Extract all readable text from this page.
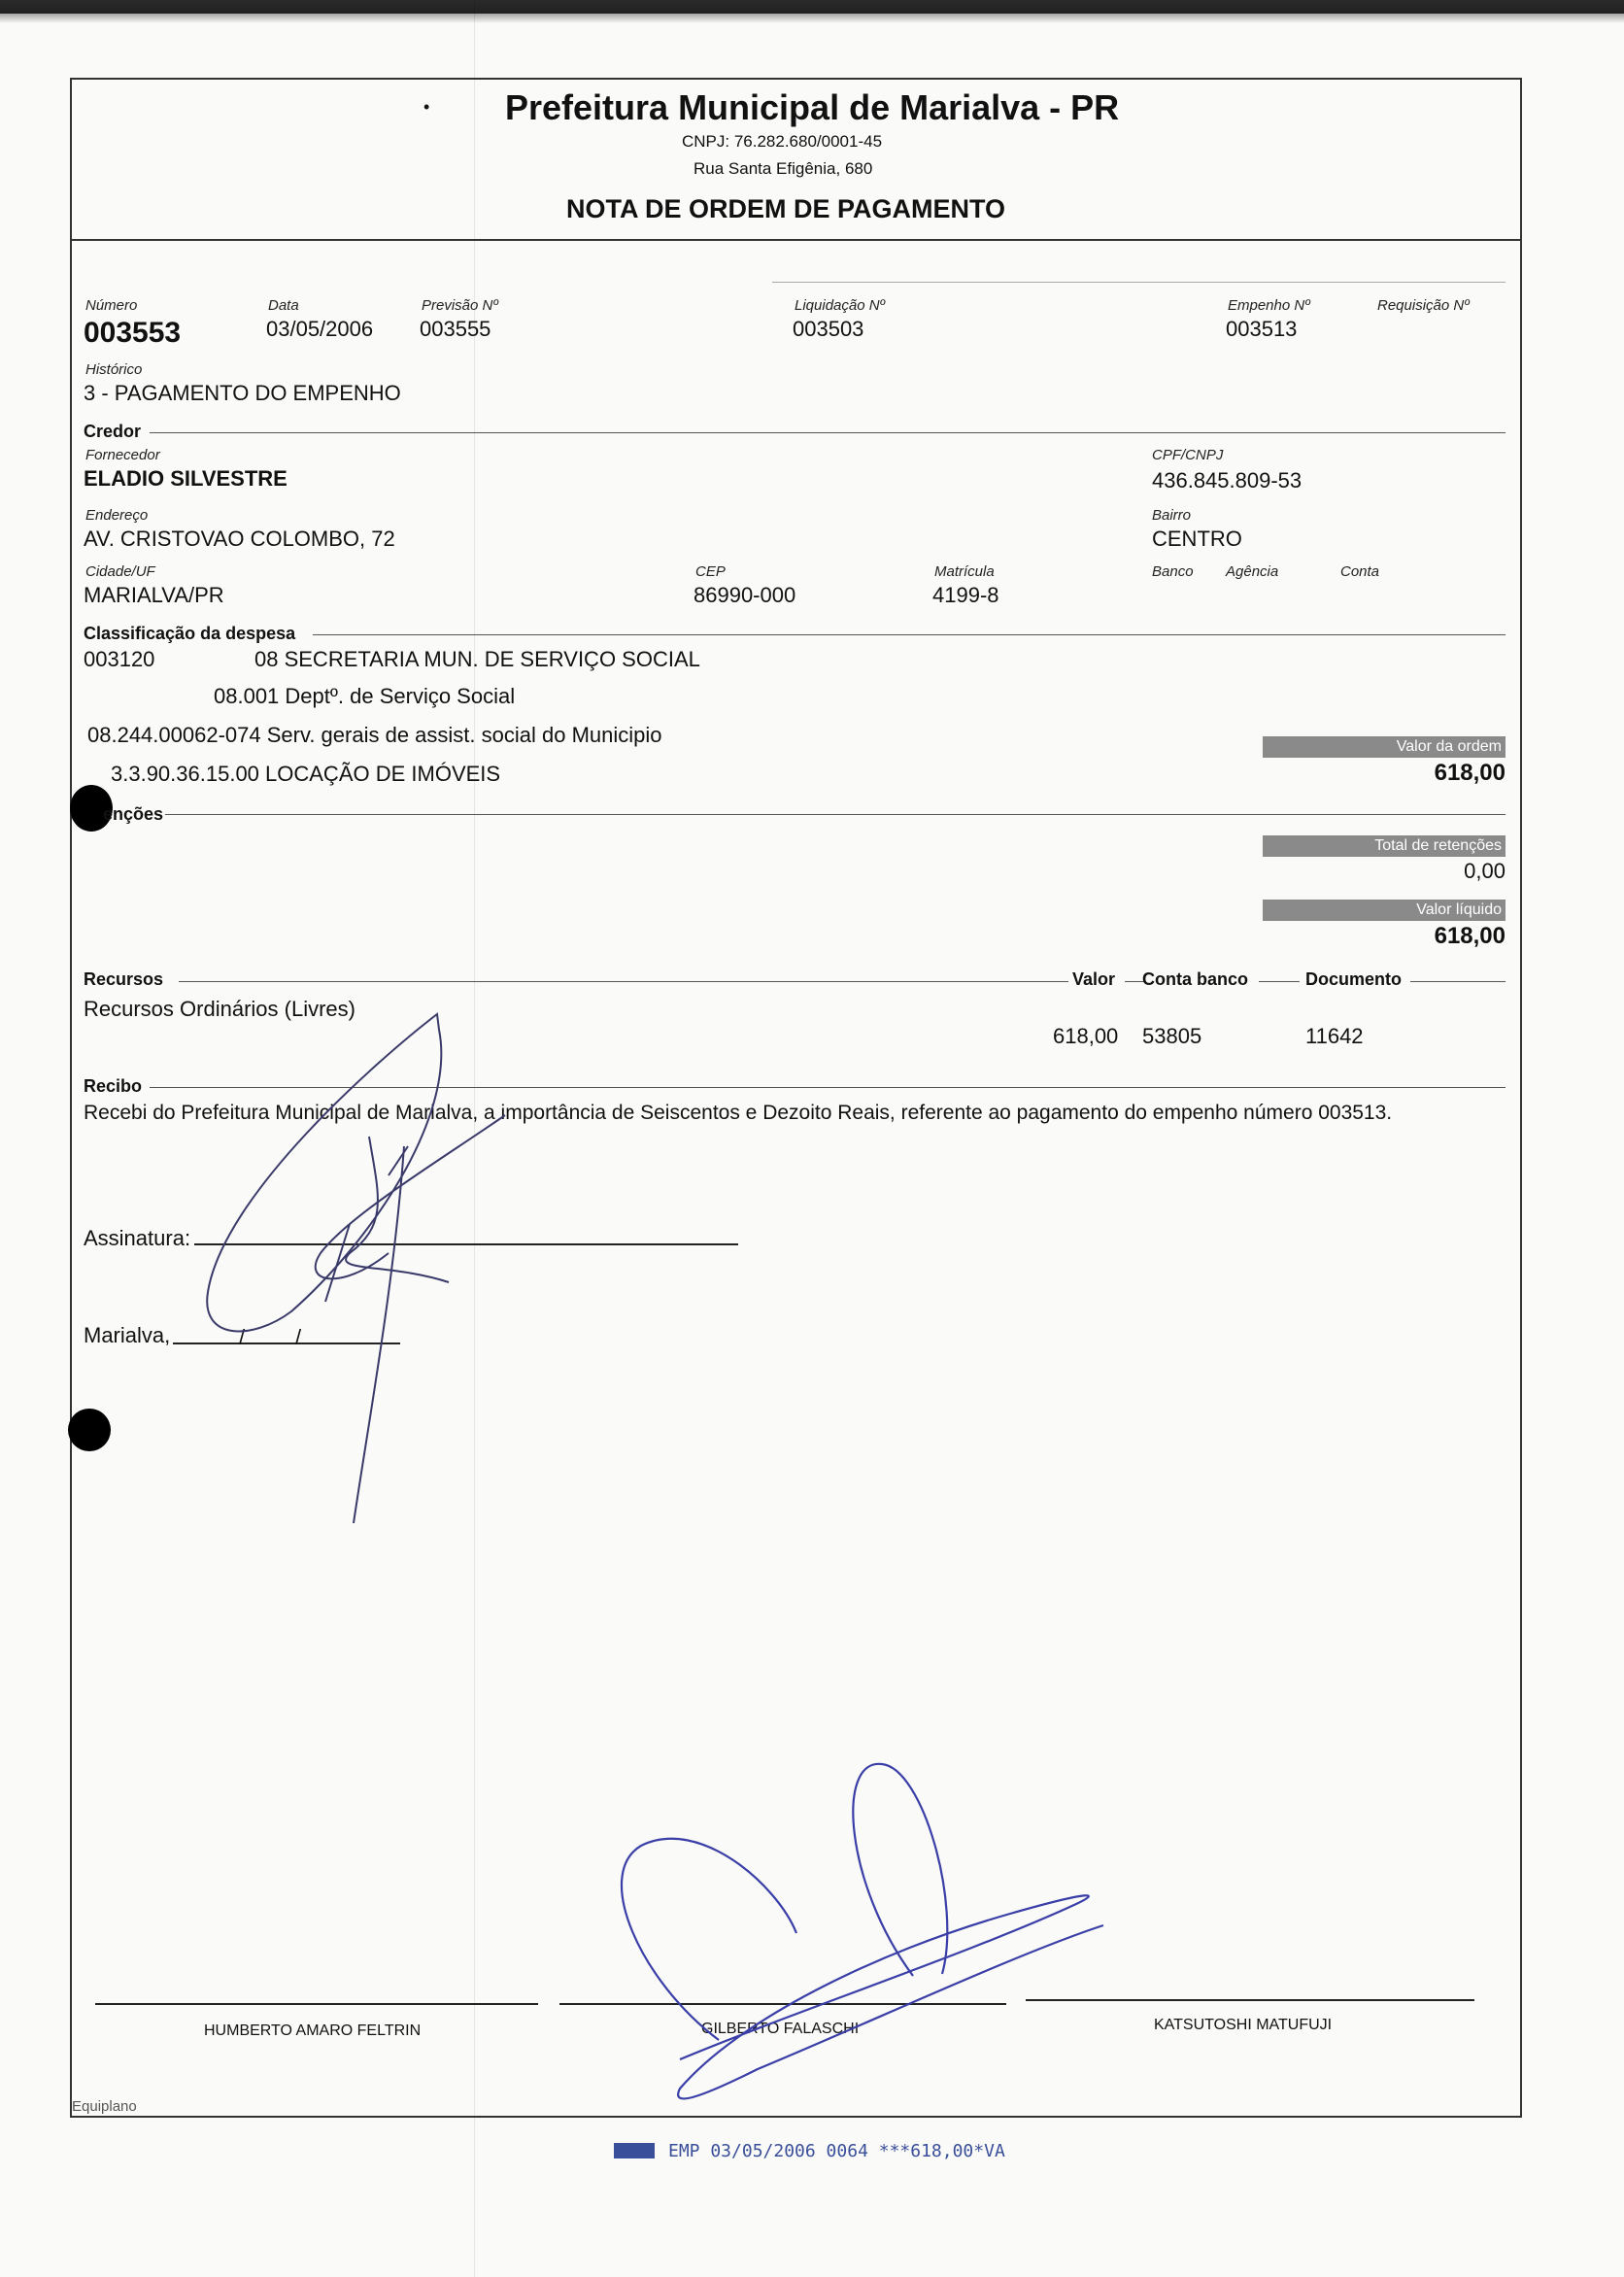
Prefeitura Municipal de Marialva - PR
CNPJ: 76.282.680/0001-45
Rua Santa Efigênia, 680
NOTA DE ORDEM DE PAGAMENTO
•
Número
003553
Data
03/05/2006
Previsão Nº
003555
Liquidação Nº
003503
Empenho Nº
003513
Requisição Nº
Histórico
3 - PAGAMENTO DO EMPENHO
Credor
Fornecedor
ELADIO SILVESTRE
CPF/CNPJ
436.845.809-53
Endereço
AV. CRISTOVAO COLOMBO, 72
Bairro
CENTRO
Cidade/UF
MARIALVA/PR
CEP
86990-000
Matrícula
4199-8
Banco Agência	Conta
Classificação da despesa
003120	08 SECRETARIA MUN. DE SERVIÇO SOCIAL
08.001 Deptº. de Serviço Social
08.244.00062-074 Serv. gerais de assist. social do Municipio
3.3.90.36.15.00 LOCAÇÃO DE IMÓVEIS
Valor da ordem
618,00
enções
Total de retenções
0,00
Valor líquido
618,00
Recursos	Valor Conta banco	Documento
Recursos Ordinários (Livres)
618,00 53805	11642
Recibo
Recebi do Prefeitura Municipal de Marialva, a importância de Seiscentos e Dezoito Reais, referente ao pagamento do empenho número 003513.
Assinatura:
Marialva,	/ /
HUMBERTO AMARO FELTRIN	GILBERTO FALASCHI	KATSUTOSHI MATUFUJI
Equiplano
EMP 03/05/2006 0064 ***618,00*VA
